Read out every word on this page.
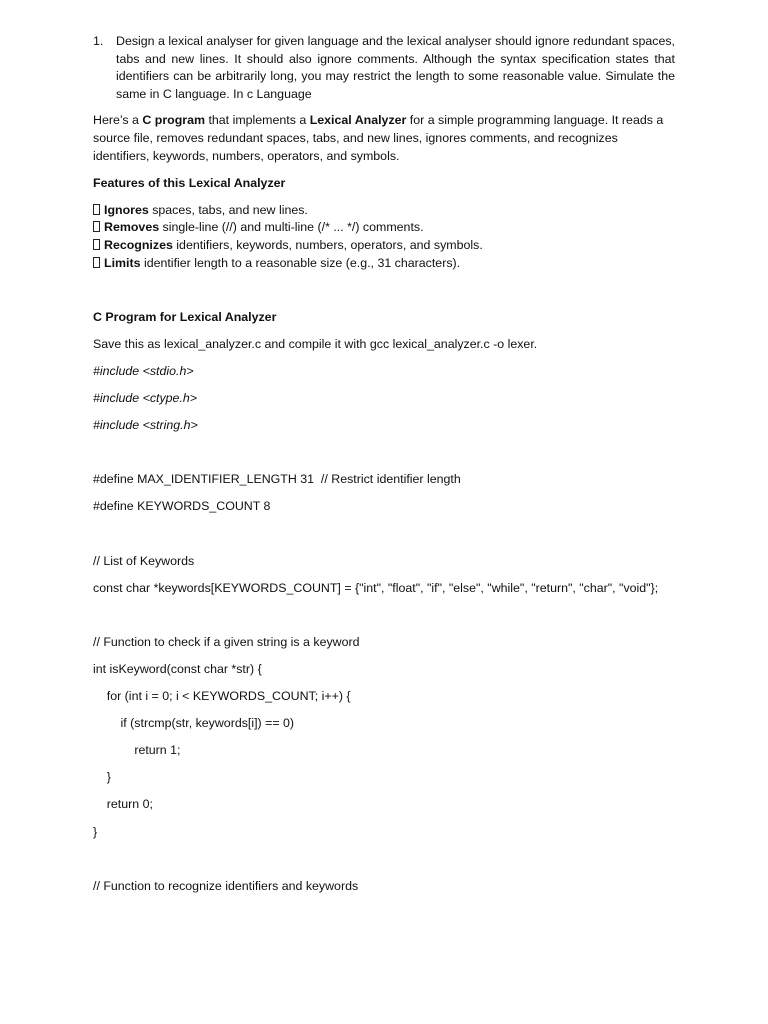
1.	Design a lexical analyser for given language and the lexical analyser should ignore redundant spaces, tabs and new lines. It should also ignore comments. Although the syntax specification states that identifiers can be arbitrarily long, you may restrict the length to some reasonable value. Simulate the same in C language. In c Language

Here’s a C program that implements a Lexical Analyzer for a simple programming language. It reads a source file, removes redundant spaces, tabs, and new lines, ignores comments, and recognizes identifiers, keywords, numbers, operators, and symbols.

Features of this Lexical Analyzer

Ignores spaces, tabs, and new lines.
Removes single-line (//) and multi-line (/* ... */) comments.
Recognizes identifiers, keywords, numbers, operators, and symbols.
Limits identifier length to a reasonable size (e.g., 31 characters).

C Program for Lexical Analyzer

Save this as lexical_analyzer.c and compile it with gcc lexical_analyzer.c -o lexer.

#include <stdio.h>

#include <ctype.h>

#include <string.h>

#define MAX_IDENTIFIER_LENGTH 31  // Restrict identifier length

#define KEYWORDS_COUNT 8

// List of Keywords

const char *keywords[KEYWORDS_COUNT] = {"int", "float", "if", "else", "while", "return", "char", "void"};

// Function to check if a given string is a keyword

int isKeyword(const char *str) {

for (int i = 0; i < KEYWORDS_COUNT; i++) {

if (strcmp(str, keywords[i]) == 0)

return 1;

}

return 0;

}

// Function to recognize identifiers and keywords
